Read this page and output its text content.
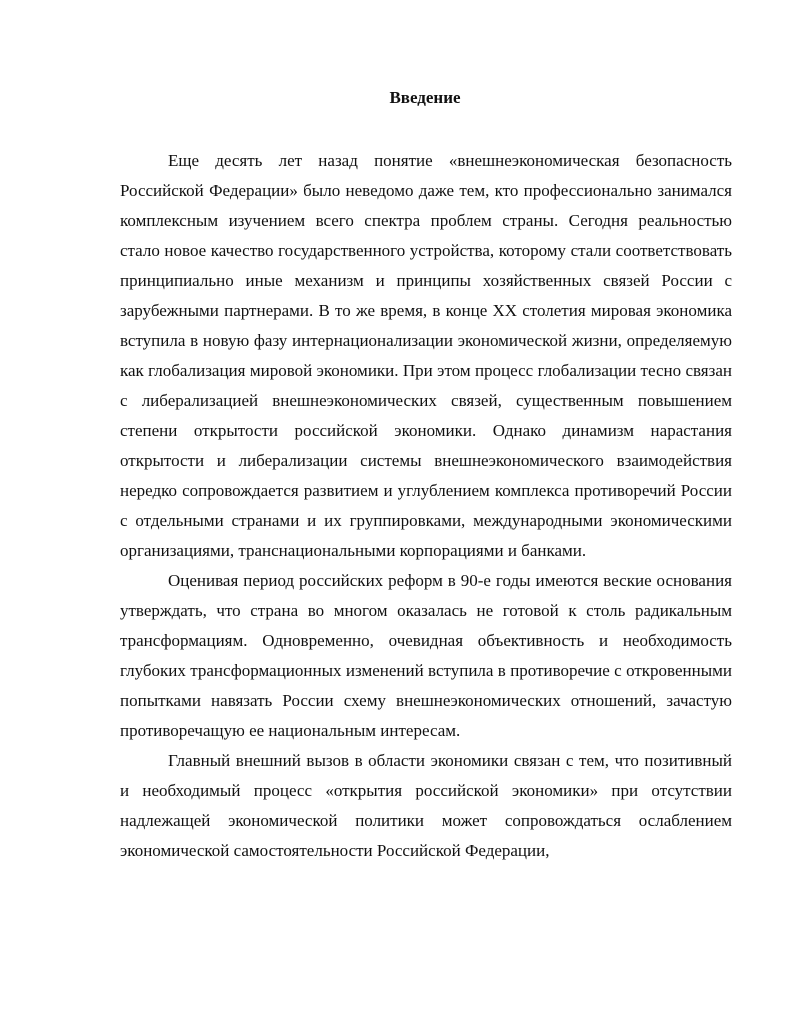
Введение

Еще десять лет назад понятие «внешнеэкономическая безопасность Российской Федерации» было неведомо даже тем, кто профессионально занимался комплексным изучением всего спектра проблем страны. Сегодня реальностью стало новое качество государственного устройства, которому стали соответствовать принципиально иные механизм и принципы хозяйственных связей России с зарубежными партнерами. В то же время, в конце XX столетия мировая экономика вступила в новую фазу интернационализации экономической жизни, определяемую как глобализация мировой экономики. При этом процесс глобализации тесно связан с либерализацией внешнеэкономических связей, существенным повышением степени открытости российской экономики. Однако динамизм нарастания открытости и либерализации системы внешнеэкономического взаимодействия нередко сопровождается развитием и углублением комплекса противоречий России с отдельными странами и их группировками, международными экономическими организациями, транснациональными корпорациями и банками.

Оценивая период российских реформ в 90-е годы имеются веские основания утверждать, что страна во многом оказалась не готовой к столь радикальным трансформациям. Одновременно, очевидная объективность и необходимость глубоких трансформационных изменений вступила в противоречие с откровенными попытками навязать России схему внешнеэкономических отношений, зачастую противоречащую ее национальным интересам.

Главный внешний вызов в области экономики связан с тем, что позитивный и необходимый процесс «открытия российской экономики» при отсутствии надлежащей экономической политики может сопровождаться ослаблением экономической самостоятельности Российской Федерации,
